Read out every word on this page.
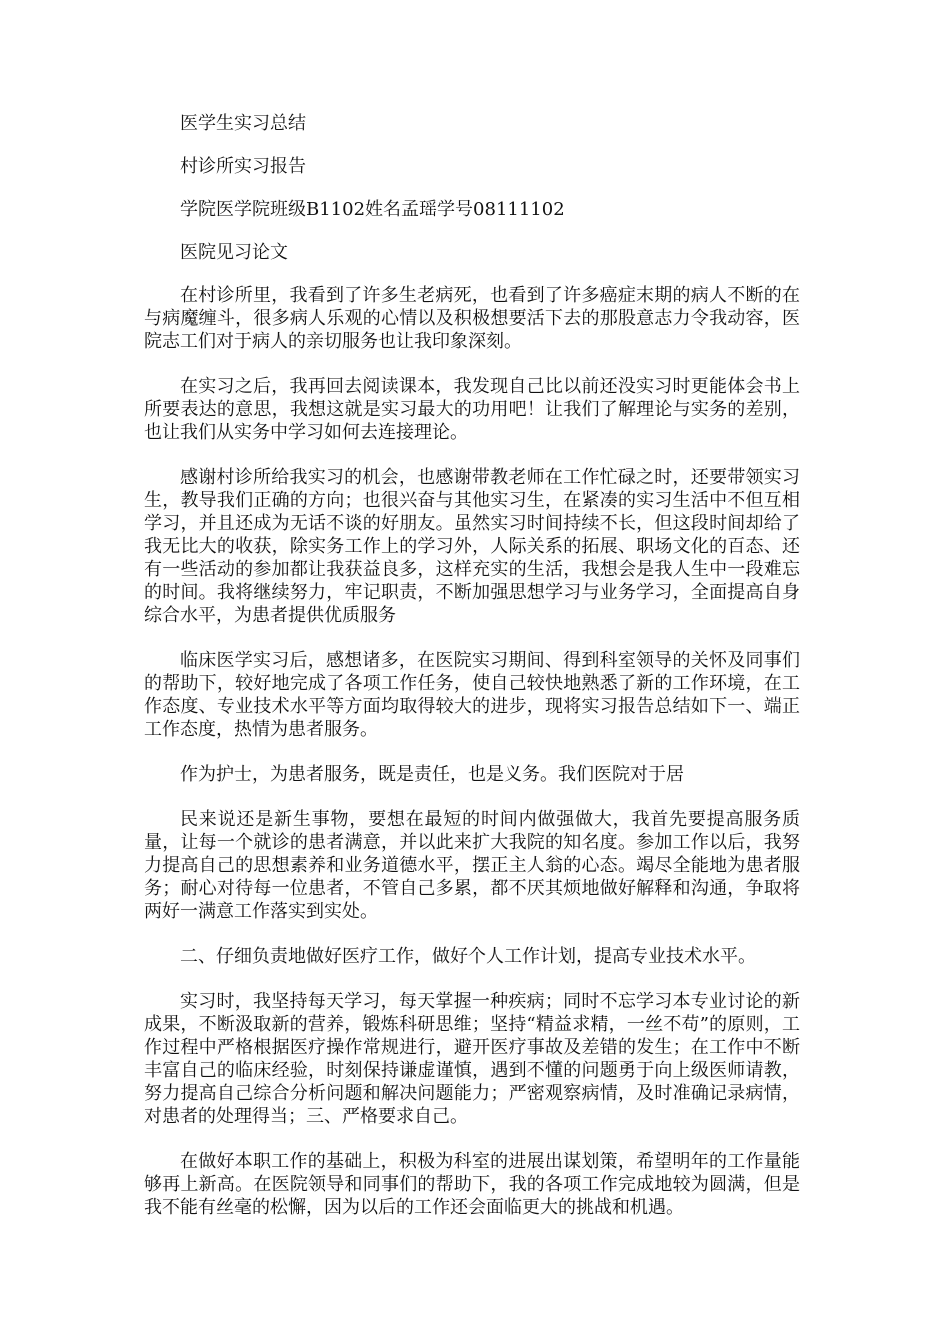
医学生实习总结

村诊所实习报告

学院医学院班级B1102姓名孟瑶学号08111102

医院见习论文

在村诊所里，我看到了许多生老病死，也看到了许多癌症末期的病人不断的在与病魔缠斗，很多病人乐观的心情以及积极想要活下去的那股意志力令我动容，医院志工们对于病人的亲切服务也让我印象深刻。

在实习之后，我再回去阅读课本，我发现自己比以前还没实习时更能体会书上所要表达的意思，我想这就是实习最大的功用吧！让我们了解理论与实务的差别，也让我们从实务中学习如何去连接理论。

感谢村诊所给我实习的机会，也感谢带教老师在工作忙碌之时，还要带领实习生，教导我们正确的方向；也很兴奋与其他实习生，在紧凑的实习生活中不但互相学习，并且还成为无话不谈的好朋友。虽然实习时间持续不长，但这段时间却给了我无比大的收获，除实务工作上的学习外，人际关系的拓展、职场文化的百态、还有一些活动的参加都让我获益良多，这样充实的生活，我想会是我人生中一段难忘的时间。我将继续努力，牢记职责，不断加强思想学习与业务学习，全面提高自身综合水平，为患者提供优质服务

临床医学实习后，感想诸多，在医院实习期间、得到科室领导的关怀及同事们的帮助下，较好地完成了各项工作任务，使自己较快地熟悉了新的工作环境，在工作态度、专业技术水平等方面均取得较大的进步，现将实习报告总结如下一、端正工作态度，热情为患者服务。

作为护士，为患者服务，既是责任，也是义务。我们医院对于居

民来说还是新生事物，要想在最短的时间内做强做大，我首先要提高服务质量，让每一个就诊的患者满意，并以此来扩大我院的知名度。参加工作以后，我努力提高自己的思想素养和业务道德水平，摆正主人翁的心态。竭尽全能地为患者服务；耐心对待每一位患者，不管自己多累，都不厌其烦地做好解释和沟通，争取将两好一满意工作落实到实处。

二、仔细负责地做好医疗工作，做好个人工作计划，提高专业技术水平。

实习时，我坚持每天学习，每天掌握一种疾病；同时不忘学习本专业讨论的新成果，不断汲取新的营养，锻炼科研思维；坚持“精益求精，一丝不苟”的原则，工作过程中严格根据医疗操作常规进行，避开医疗事故及差错的发生；在工作中不断丰富自己的临床经验，时刻保持谦虚谨慎，遇到不懂的问题勇于向上级医师请教，努力提高自己综合分析问题和解决问题能力；严密观察病情，及时准确记录病情，对患者的处理得当；三、严格要求自己。

在做好本职工作的基础上，积极为科室的进展出谋划策，希望明年的工作量能够再上新高。在医院领导和同事们的帮助下，我的各项工作完成地较为圆满，但是我不能有丝毫的松懈，因为以后的工作还会面临更大的挑战和机遇。
